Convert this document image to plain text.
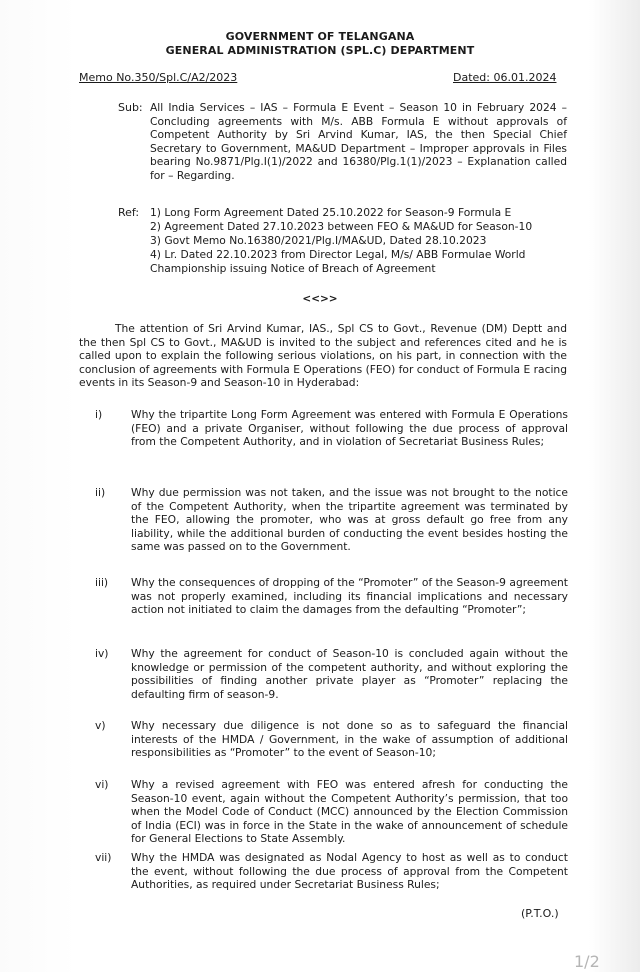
GOVERNMENT OF TELANGANA
GENERAL ADMINISTRATION (SPL.C) DEPARTMENT
Memo No.350/Spl.C/A2/2023	Dated: 06.01.2024
Sub: All India Services – IAS – Formula E Event – Season 10 in February 2024 – Concluding agreements with M/s. ABB Formula E without approvals of Competent Authority by Sri Arvind Kumar, IAS, the then Special Chief Secretary to Government, MA&UD Department – Improper approvals in Files bearing No.9871/Plg.I(1)/2022 and 16380/Plg.1(1)/2023 – Explanation called for – Regarding.

Ref: 1) Long Form Agreement Dated 25.10.2022 for Season-9 Formula E

2) Agreement Dated 27.10.2023 between FEO & MA&UD for Season-10

3) Govt Memo No.16380/2021/Plg.I/MA&UD, Dated 28.10.2023

4) Lr. Dated 22.10.2023 from Director Legal, M/s/ ABB Formulae World Championship issuing Notice of Breach of Agreement

<<>>

The attention of Sri Arvind Kumar, IAS., Spl CS to Govt., Revenue (DM) Deptt and the then Spl CS to Govt., MA&UD is invited to the subject and references cited and he is called upon to explain the following serious violations, on his part, in connection with the conclusion of agreements with Formula E Operations (FEO) for conduct of Formula E racing events in its Season-9 and Season-10 in Hyderabad:

i)	Why the tripartite Long Form Agreement was entered with Formula E Operations (FEO) and a private Organiser, without following the due process of approval from the Competent Authority, and in violation of Secretariat Business Rules;

ii) Why due permission was not taken, and the issue was not brought to the notice of the Competent Authority, when the tripartite agreement was terminated by the FEO, allowing the promoter, who was at gross default go free from any liability, while the additional burden of conducting the event besides hosting the same was passed on to the Government.

iii) Why the consequences of dropping of the “Promoter” of the Season-9 agreement was not properly examined, including its financial implications and necessary action not initiated to claim the damages from the defaulting “Promoter”;

iv) Why the agreement for conduct of Season-10 is concluded again without the knowledge or permission of the competent authority, and without exploring the possibilities of finding another private player as “Promoter” replacing the defaulting firm of season-9.

v) Why necessary due diligence is not done so as to safeguard the financial interests of the HMDA / Government, in the wake of assumption of additional responsibilities as “Promoter” to the event of Season-10;

vi) Why a revised agreement with FEO was entered afresh for conducting the Season-10 event, again without the Competent Authority’s permission, that too when the Model Code of Conduct (MCC) announced by the Election Commission of India (ECI) was in force in the State in the wake of announcement of schedule for General Elections to State Assembly.

vii) Why the HMDA was designated as Nodal Agency to host as well as to conduct the event, without following the due process of approval from the Competent Authorities, as required under Secretariat Business Rules;

(P.T.O.)
1/2
